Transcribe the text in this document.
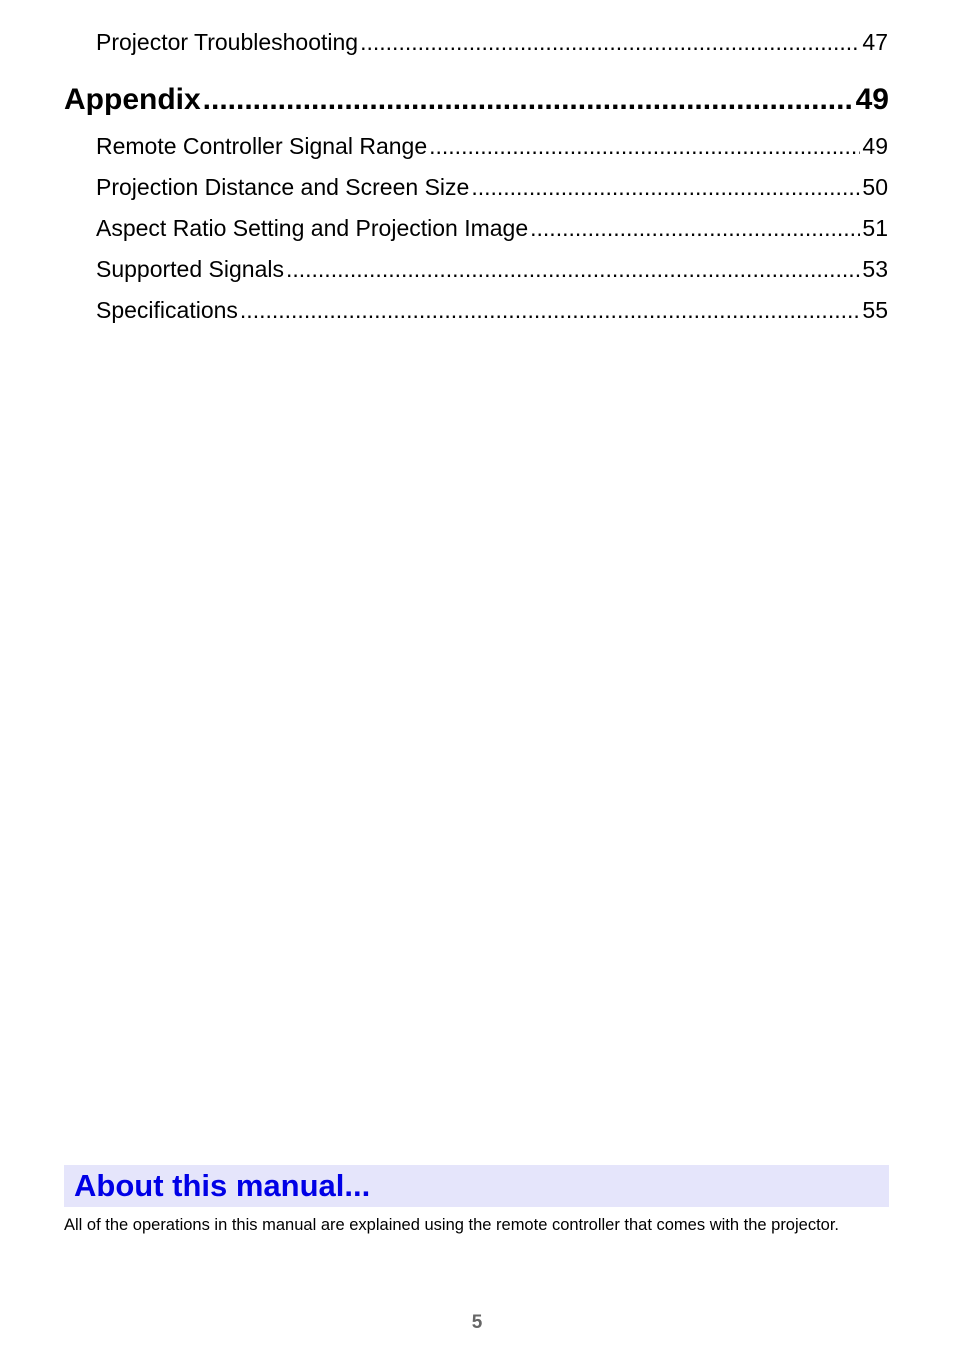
Projector Troubleshooting .....	47
Appendix .....	49
Remote Controller Signal Range .....	49
Projection Distance and Screen Size .....	50
Aspect Ratio Setting and Projection Image .....	51
Supported Signals .....	53
Specifications .....	55
About this manual...

All of the operations in this manual are explained using the remote controller that comes with the projector.

5
